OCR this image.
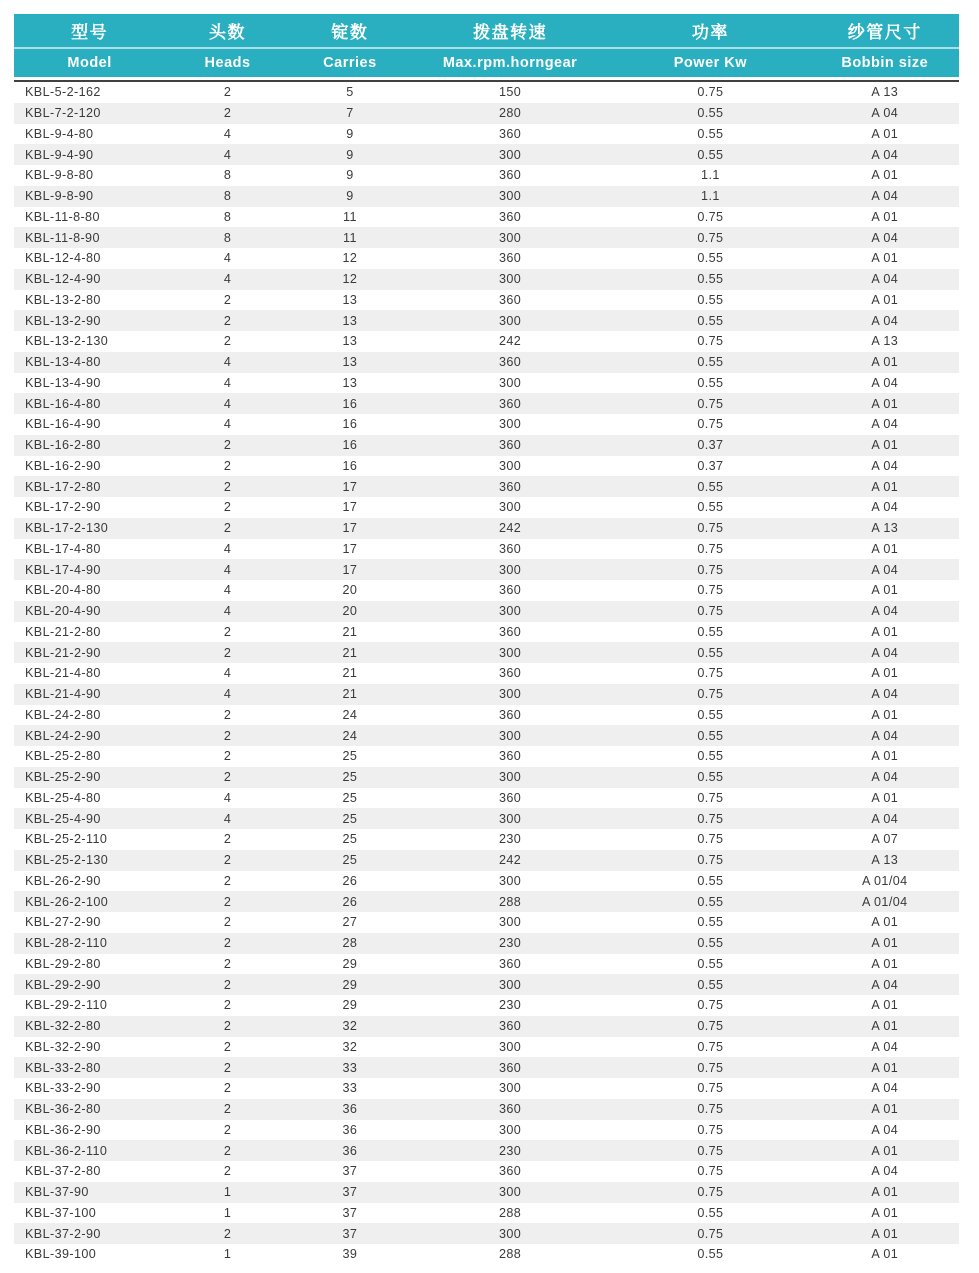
型号	头数	锭数	拨盘转速	功率	纱管尺寸
Model	Heads	Carries	Max.rpm.horngear	Power Kw	Bobbin size
KBL-5-2-162	2	5	150	0.75	A 13
KBL-7-2-120	2	7	280	0.55	A 04
KBL-9-4-80	4	9	360	0.55	A 01
KBL-9-4-90	4	9	300	0.55	A 04
KBL-9-8-80	8	9	360	1.1	A 01
KBL-9-8-90	8	9	300	1.1	A 04
KBL-11-8-80	8	11	360	0.75	A 01
KBL-11-8-90	8	11	300	0.75	A 04
KBL-12-4-80	4	12	360	0.55	A 01
KBL-12-4-90	4	12	300	0.55	A 04
KBL-13-2-80	2	13	360	0.55	A 01
KBL-13-2-90	2	13	300	0.55	A 04
KBL-13-2-130	2	13	242	0.75	A 13
KBL-13-4-80	4	13	360	0.55	A 01
KBL-13-4-90	4	13	300	0.55	A 04
KBL-16-4-80	4	16	360	0.75	A 01
KBL-16-4-90	4	16	300	0.75	A 04
KBL-16-2-80	2	16	360	0.37	A 01
KBL-16-2-90	2	16	300	0.37	A 04
KBL-17-2-80	2	17	360	0.55	A 01
KBL-17-2-90	2	17	300	0.55	A 04
KBL-17-2-130	2	17	242	0.75	A 13
KBL-17-4-80	4	17	360	0.75	A 01
KBL-17-4-90	4	17	300	0.75	A 04
KBL-20-4-80	4	20	360	0.75	A 01
KBL-20-4-90	4	20	300	0.75	A 04
KBL-21-2-80	2	21	360	0.55	A 01
KBL-21-2-90	2	21	300	0.55	A 04
KBL-21-4-80	4	21	360	0.75	A 01
KBL-21-4-90	4	21	300	0.75	A 04
KBL-24-2-80	2	24	360	0.55	A 01
KBL-24-2-90	2	24	300	0.55	A 04
KBL-25-2-80	2	25	360	0.55	A 01
KBL-25-2-90	2	25	300	0.55	A 04
KBL-25-4-80	4	25	360	0.75	A 01
KBL-25-4-90	4	25	300	0.75	A 04
KBL-25-2-110	2	25	230	0.75	A 07
KBL-25-2-130	2	25	242	0.75	A 13
KBL-26-2-90	2	26	300	0.55	A 01/04
KBL-26-2-100	2	26	288	0.55	A 01/04
KBL-27-2-90	2	27	300	0.55	A 01
KBL-28-2-110	2	28	230	0.55	A 01
KBL-29-2-80	2	29	360	0.55	A 01
KBL-29-2-90	2	29	300	0.55	A 04
KBL-29-2-110	2	29	230	0.75	A 01
KBL-32-2-80	2	32	360	0.75	A 01
KBL-32-2-90	2	32	300	0.75	A 04
KBL-33-2-80	2	33	360	0.75	A 01
KBL-33-2-90	2	33	300	0.75	A 04
KBL-36-2-80	2	36	360	0.75	A 01
KBL-36-2-90	2	36	300	0.75	A 04
KBL-36-2-110	2	36	230	0.75	A 01
KBL-37-2-80	2	37	360	0.75	A 04
KBL-37-90	1	37	300	0.75	A 01
KBL-37-100	1	37	288	0.55	A 01
KBL-37-2-90	2	37	300	0.75	A 01
KBL-39-100	1	39	288	0.55	A 01
